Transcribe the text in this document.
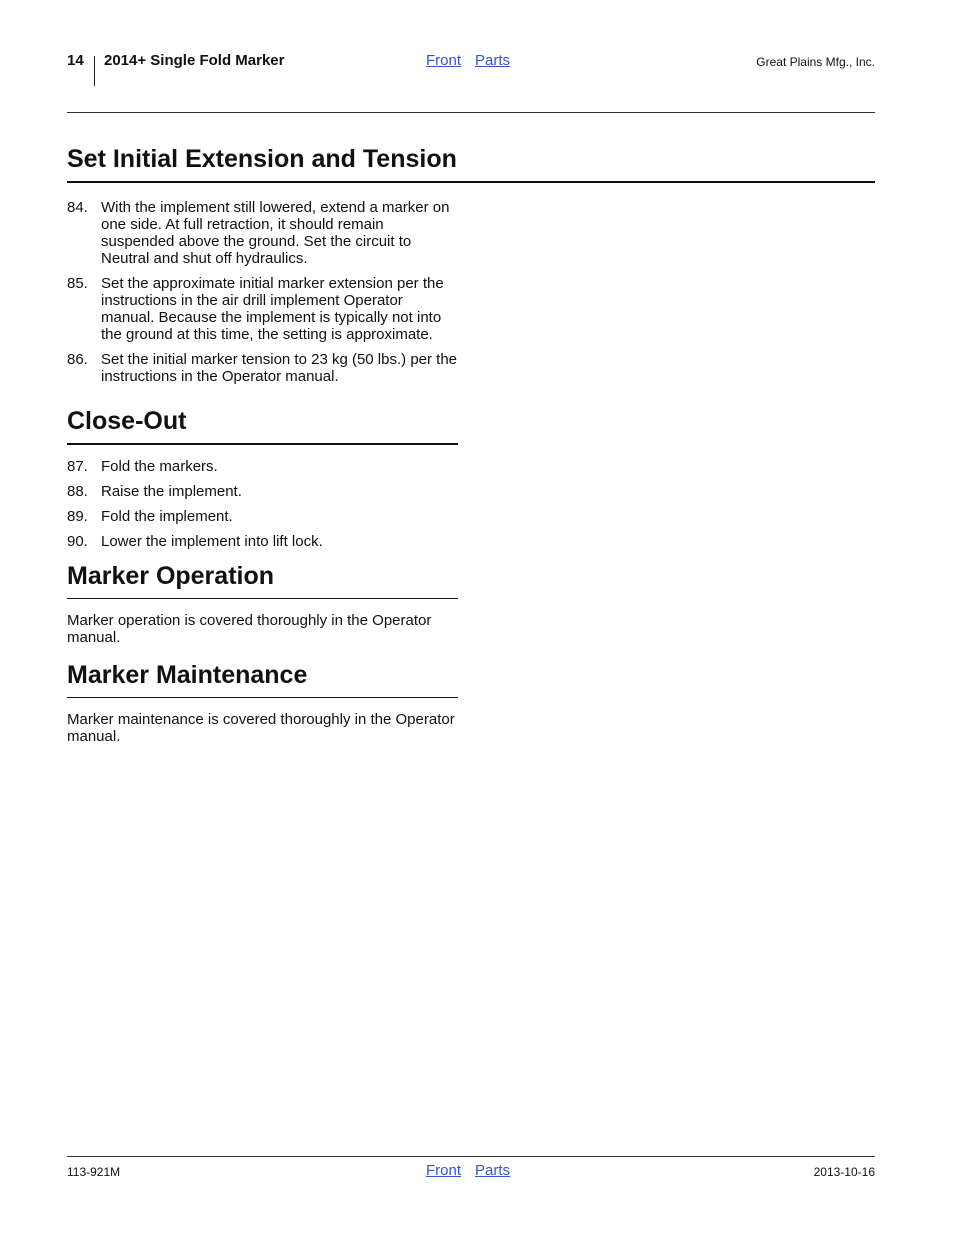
14 2014+ Single Fold Marker	Front Parts	Great Plains Mfg., Inc.
Set Initial Extension and Tension
84. With the implement still lowered, extend a marker on one side. At full retraction, it should remain suspended above the ground. Set the circuit to Neutral and shut off hydraulics.
85. Set the approximate initial marker extension per the instructions in the air drill implement Operator manual. Because the implement is typically not into the ground at this time, the setting is approximate.
86. Set the initial marker tension to 23 kg (50 lbs.) per the instructions in the Operator manual.
Close-Out
87. Fold the markers.
88. Raise the implement.
89. Fold the implement.
90. Lower the implement into lift lock.
Marker Operation

Marker operation is covered thoroughly in the Operator manual.

Marker Maintenance

Marker maintenance is covered thoroughly in the Operator manual.

113-921M	Front Parts	2013-10-16
